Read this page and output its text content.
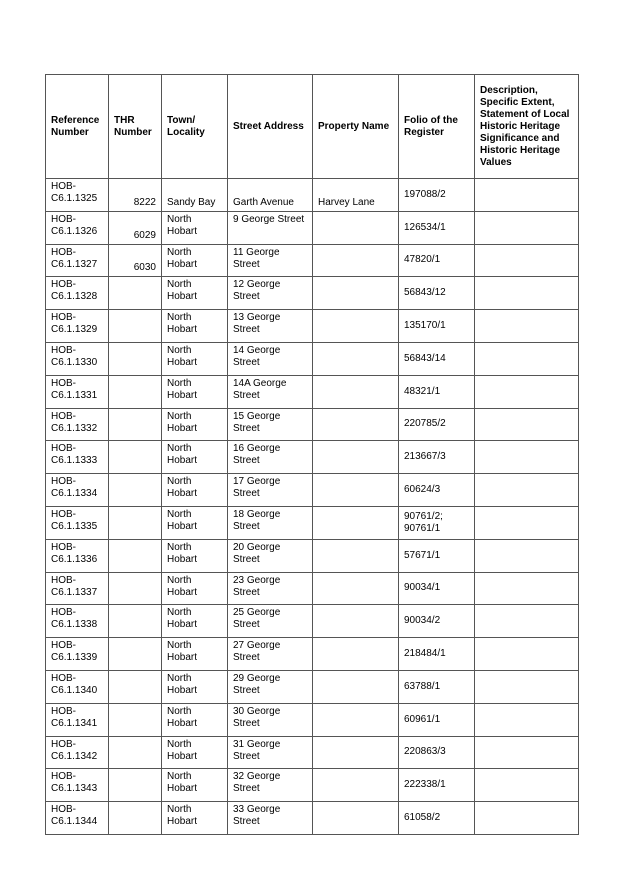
Reference Number	THR Number	Town/ Locality	Street Address	Property Name	Folio of the Register	Description, Specific Extent, Statement of Local Historic Heritage Significance and Historic Heritage Values
HOB-C6.1.1325	8222	Sandy Bay	Garth Avenue	Harvey Lane	197088/2	
HOB-C6.1.1326	6029	North Hobart	9 George Street		126534/1	
HOB-C6.1.1327	6030	North Hobart	11 George Street		47820/1	
HOB-C6.1.1328		North Hobart	12 George Street		56843/12	
HOB-C6.1.1329		North Hobart	13 George Street		135170/1	
HOB-C6.1.1330		North Hobart	14 George Street		56843/14	
HOB-C6.1.1331		North Hobart	14A George Street		48321/1	
HOB-C6.1.1332		North Hobart	15 George Street		220785/2	
HOB-C6.1.1333		North Hobart	16 George Street		213667/3	
HOB-C6.1.1334		North Hobart	17 George Street		60624/3	
HOB-C6.1.1335		North Hobart	18 George Street		90761/2; 90761/1	
HOB-C6.1.1336		North Hobart	20 George Street		57671/1	
HOB-C6.1.1337		North Hobart	23 George Street		90034/1	
HOB-C6.1.1338		North Hobart	25 George Street		90034/2	
HOB-C6.1.1339		North Hobart	27 George Street		218484/1	
HOB-C6.1.1340		North Hobart	29 George Street		63788/1	
HOB-C6.1.1341		North Hobart	30 George Street		60961/1	
HOB-C6.1.1342		North Hobart	31 George Street		220863/3	
HOB-C6.1.1343		North Hobart	32 George Street		222338/1	
HOB-C6.1.1344		North Hobart	33 George Street		61058/2	
